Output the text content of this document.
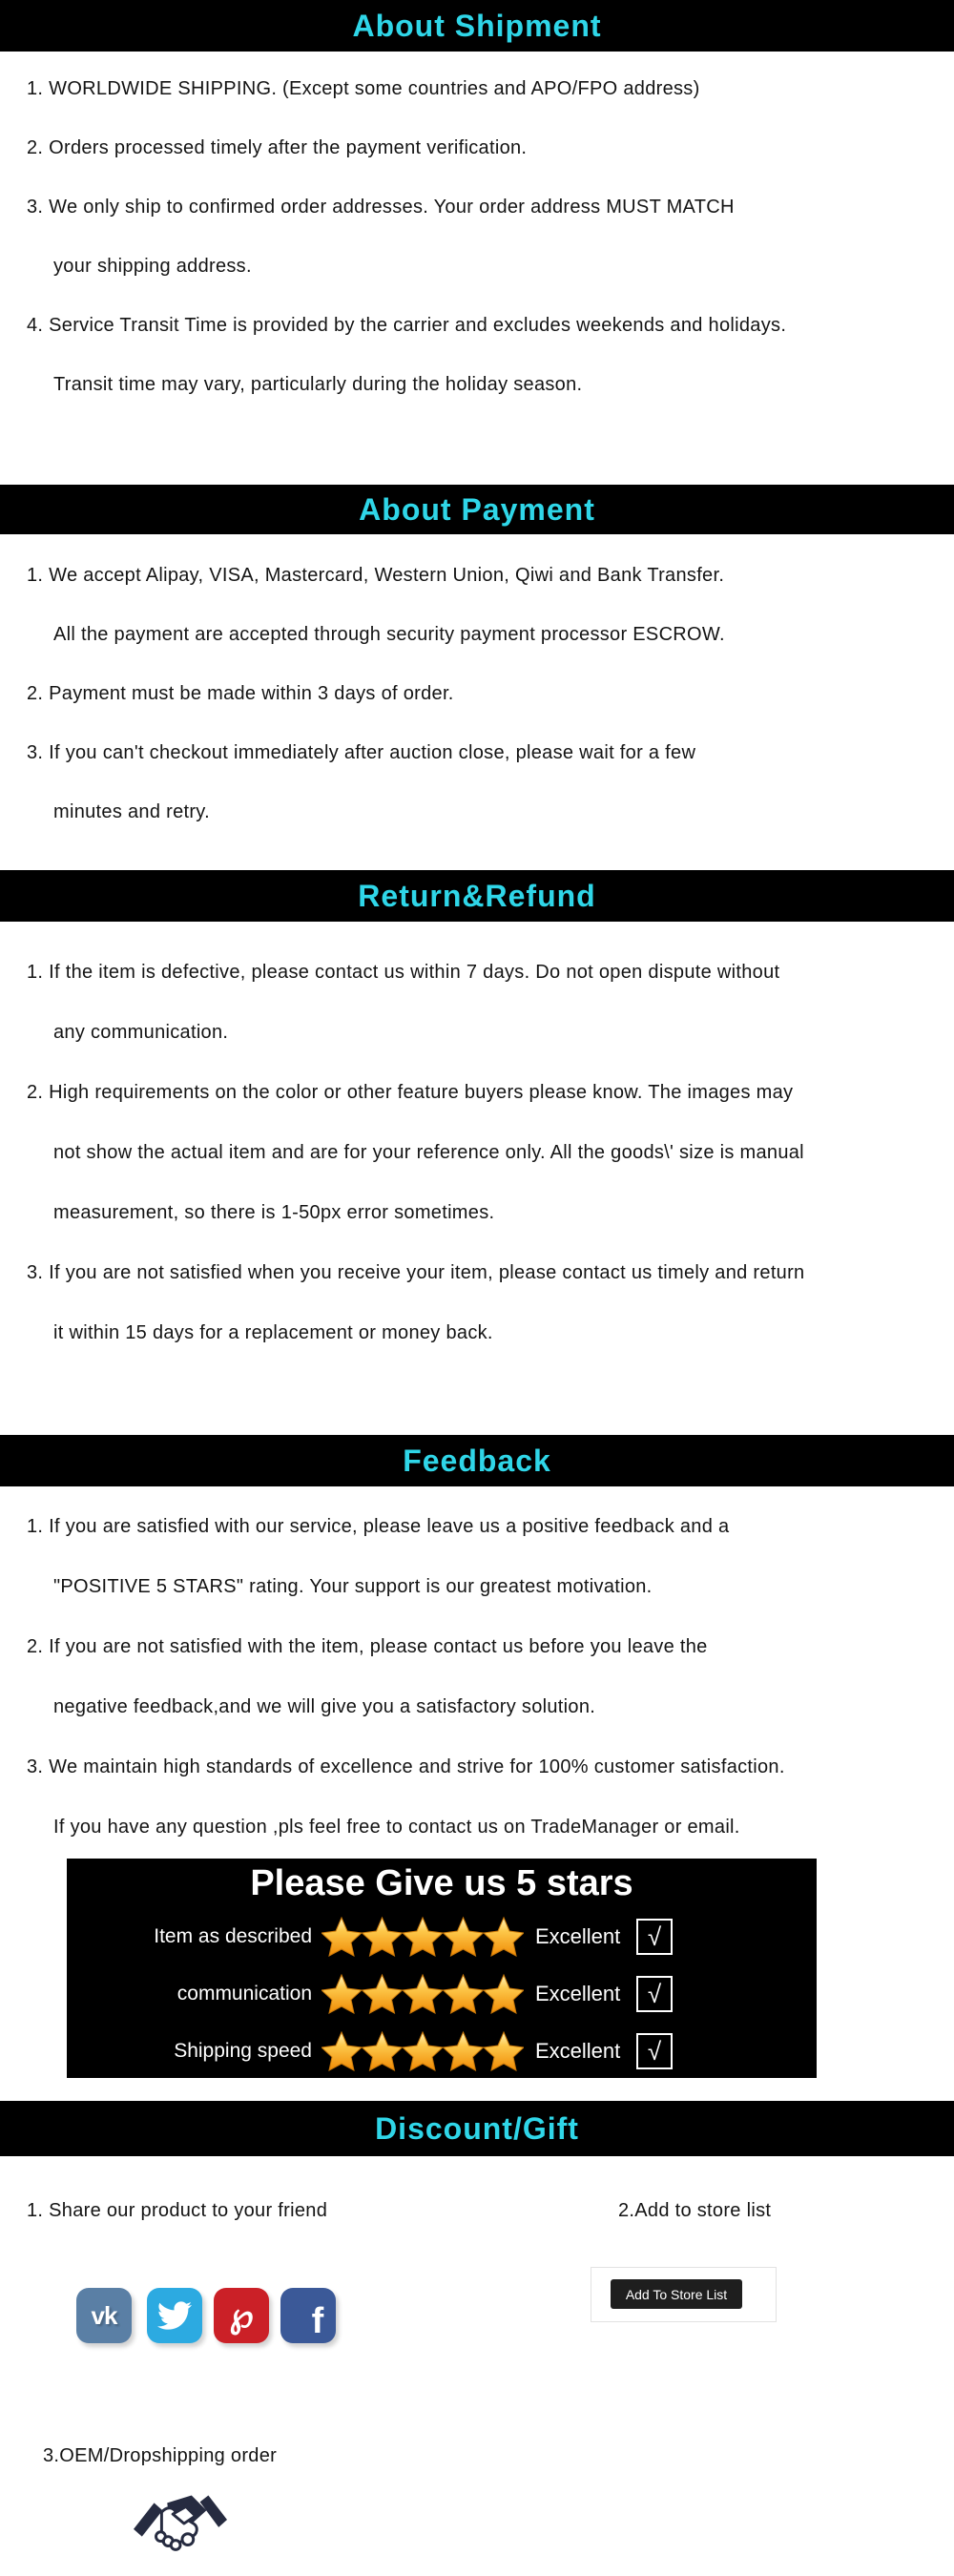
About Shipment
About Payment
Return&Refund
Feedback
Discount/Gift
1. WORLDWIDE SHIPPING. (Except some countries and APO/FPO address)
2. Orders processed timely after the payment verification.
3. We only ship to confirmed order addresses. Your order address MUST MATCH
your shipping address.
4. Service Transit Time is provided by the carrier and excludes weekends and holidays.
Transit time may vary, particularly during the holiday season.
1. We accept Alipay, VISA, Mastercard, Western Union, Qiwi and Bank Transfer.
All the payment are accepted through security payment processor ESCROW.
2. Payment must be made within 3 days of order.
3. If you can't checkout immediately after auction close, please wait for a few
minutes and retry.
1. If the item is defective, please contact us within 7 days. Do not open dispute without
any communication.
2. High requirements on the color or other feature buyers please know. The images may
not show the actual item and are for your reference only. All the goods\' size is manual
measurement, so there is 1-50px error sometimes.
3. If you are not satisfied when you receive your item, please contact us timely and return
it within 15 days for a replacement or money back.
1. If you are satisfied with our service, please leave us a positive feedback and a
"POSITIVE 5 STARS" rating. Your support is our greatest motivation.
2. If you are not satisfied with the item, please contact us before you leave the
negative feedback,and we will give you a satisfactory solution.
3. We maintain high standards of excellence and strive for 100% customer satisfaction.
If you have any question ,pls feel free to contact us on TradeManager or email.
Please Give us 5 stars
Item as described	Excellent	√
communication	Excellent	√
Shipping speed	Excellent	√
1. Share our product to your friend	2.Add to store list
vk	℘ f
Add To Store List
3.OEM/Dropshipping order
